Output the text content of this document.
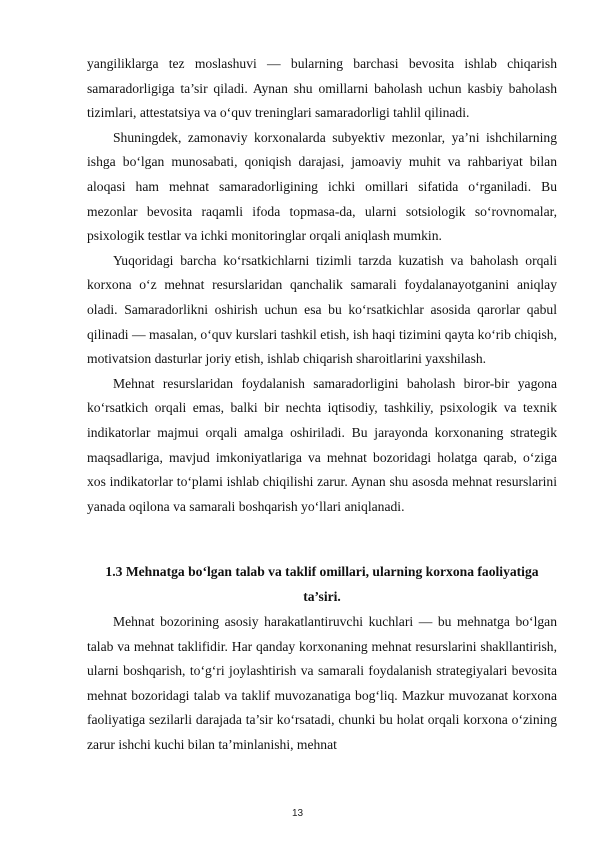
yangiliklarga tez moslashuvi — bularning barchasi bevosita ishlab chiqarish samaradorligiga ta’sir qiladi. Aynan shu omillarni baholash uchun kasbiy baholash tizimlari, attestatsiya va o‘quv treninglari samaradorligi tahlil qilinadi.

Shuningdek, zamonaviy korxonalarda subyektiv mezonlar, ya’ni ishchilarning ishga bo‘lgan munosabati, qoniqish darajasi, jamoaviy muhit va rahbariyat bilan aloqasi ham mehnat samaradorligining ichki omillari sifatida o‘rganiladi. Bu mezonlar bevosita raqamli ifoda topmasa-da, ularni sotsiologik so‘rovnomalar, psixologik testlar va ichki monitoringlar orqali aniqlash mumkin.

Yuqoridagi barcha ko‘rsatkichlarni tizimli tarzda kuzatish va baholash orqali korxona o‘z mehnat resurslaridan qanchalik samarali foydalanayotganini aniqlay oladi. Samaradorlikni oshirish uchun esa bu ko‘rsatkichlar asosida qarorlar qabul qilinadi — masalan, o‘quv kurslari tashkil etish, ish haqi tizimini qayta ko‘rib chiqish, motivatsion dasturlar joriy etish, ishlab chiqarish sharoitlarini yaxshilash.

Mehnat resurslaridan foydalanish samaradorligini baholash biror-bir yagona ko‘rsatkich orqali emas, balki bir nechta iqtisodiy, tashkiliy, psixologik va texnik indikatorlar majmui orqali amalga oshiriladi. Bu jarayonda korxonaning strategik maqsadlariga, mavjud imkoniyatlariga va mehnat bozoridagi holatga qarab, o‘ziga xos indikatorlar to‘plami ishlab chiqilishi zarur. Aynan shu asosda mehnat resurslarini yanada oqilona va samarali boshqarish yo‘llari aniqlanadi.

1.3 Mehnatga bo‘lgan talab va taklif omillari, ularning korxona faoliyatiga ta’siri.

Mehnat bozorining asosiy harakatlantiruvchi kuchlari — bu mehnatga bo‘lgan talab va mehnat taklifidir. Har qanday korxonaning mehnat resurslarini shakllantirish, ularni boshqarish, to‘g‘ri joylashtirish va samarali foydalanish strategiyalari bevosita mehnat bozoridagi talab va taklif muvozanatiga bog‘liq. Mazkur muvozanat korxona faoliyatiga sezilarli darajada ta’sir ko‘rsatadi, chunki bu holat orqali korxona o‘zining zarur ishchi kuchi bilan ta’minlanishi, mehnat

13
